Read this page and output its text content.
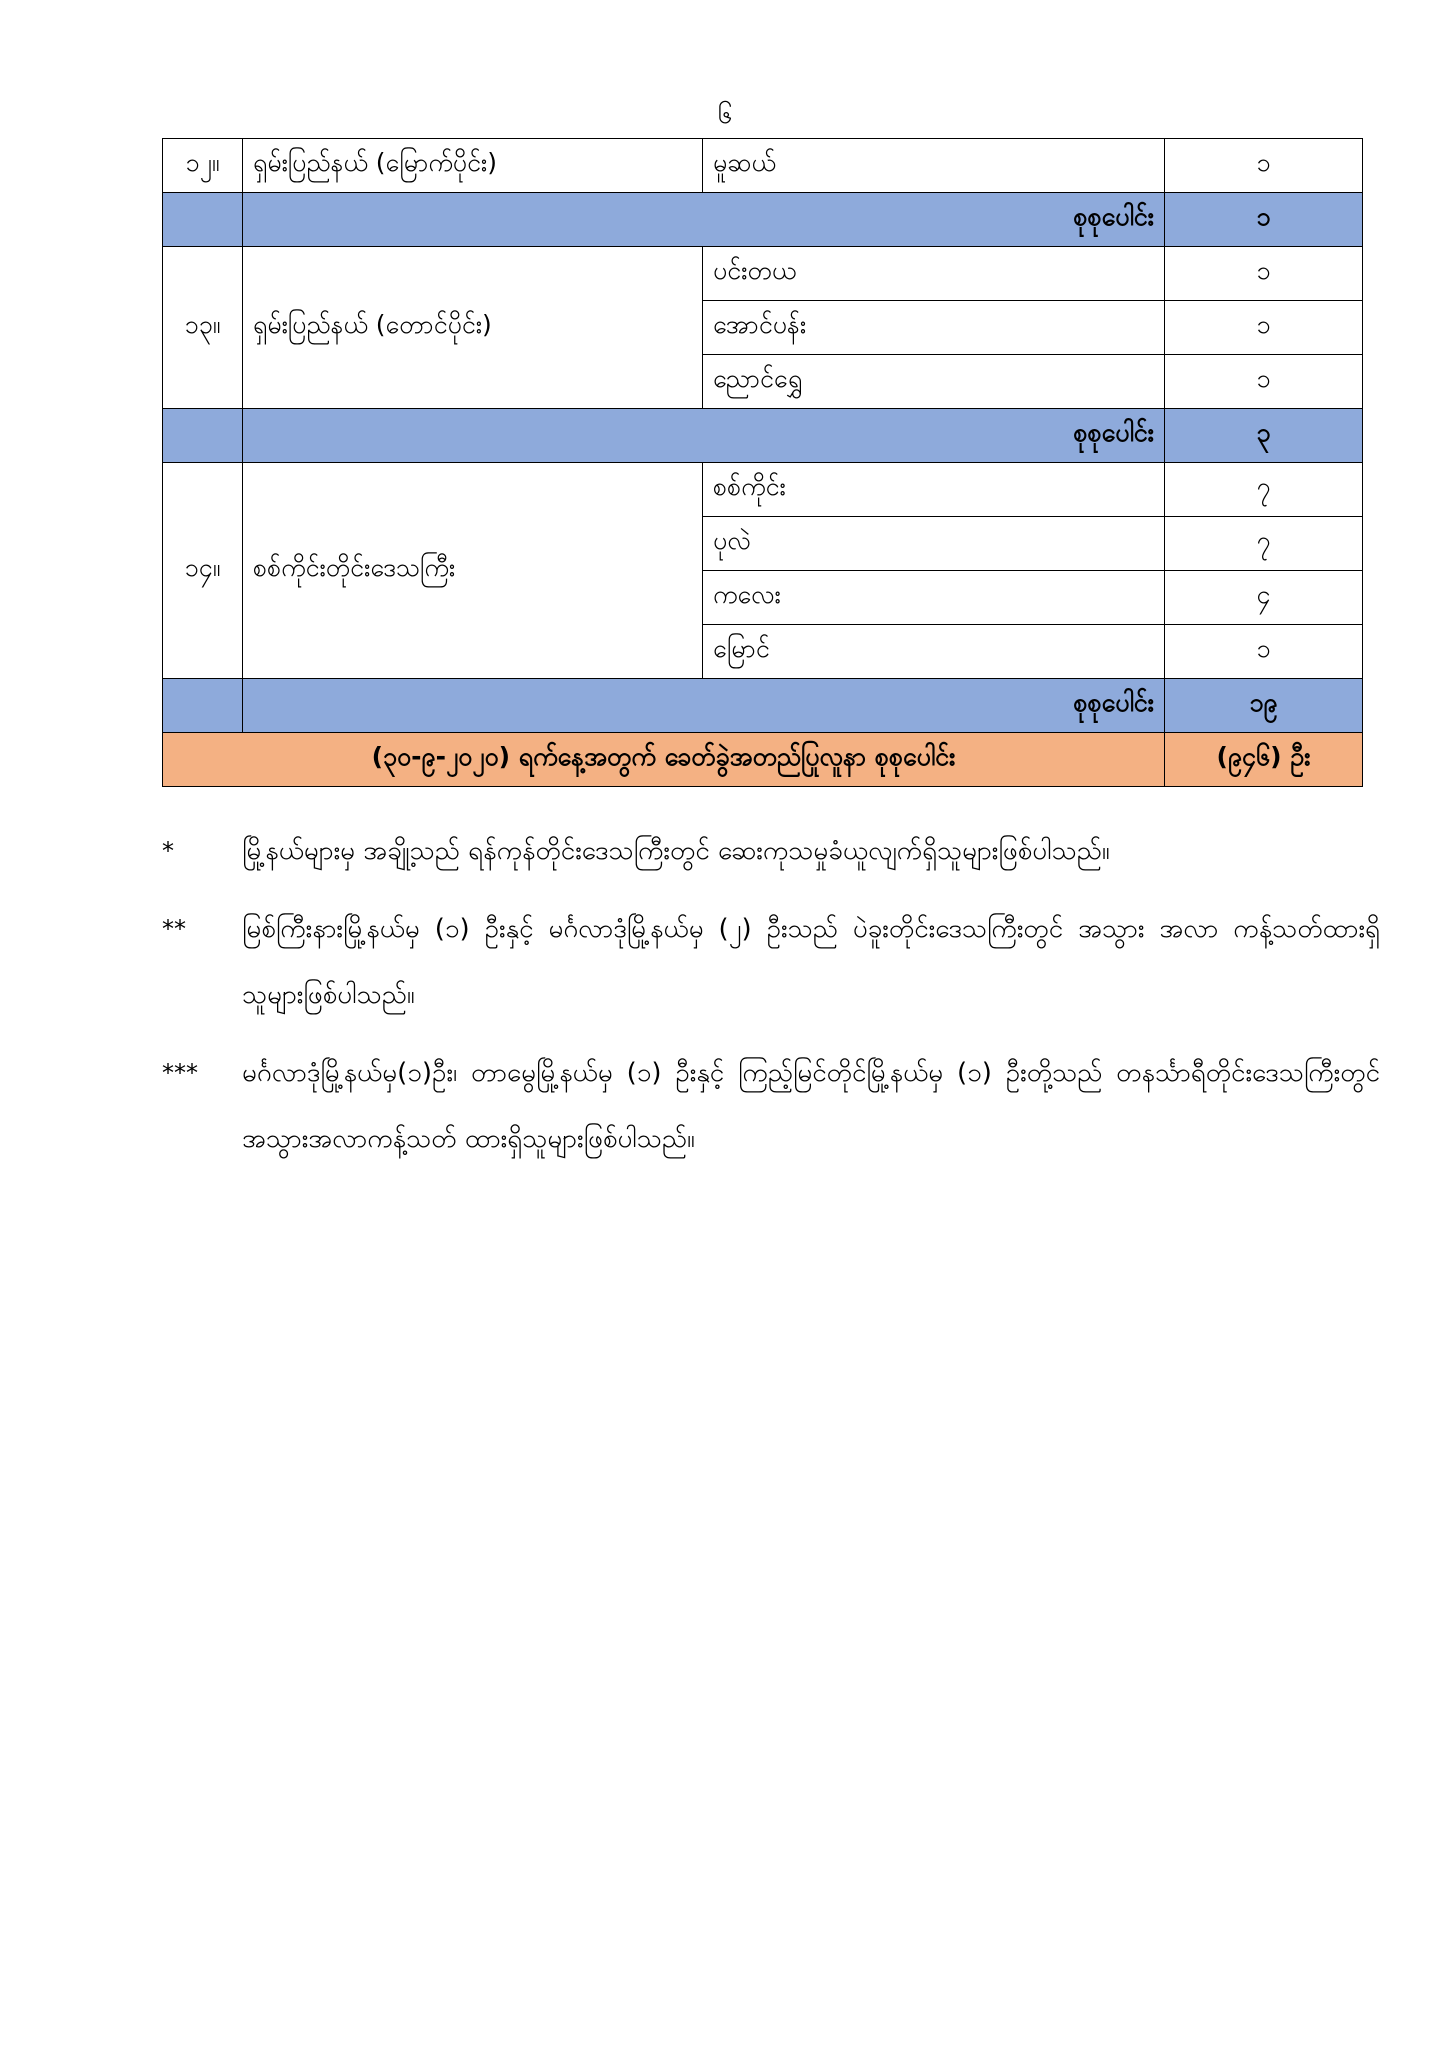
၆
၁၂။	ရှမ်းပြည်နယ် (မြောက်ပိုင်း)	မူဆယ်	၁
	စုစုပေါင်း		၁
၁၃။	ရှမ်းပြည်နယ် (တောင်ပိုင်း)	ပင်းတယ	၁
		အောင်ပန်း	၁
		ညောင်ရွှေ	၁
	စုစုပေါင်း		၃
၁၄။	စစ်ကိုင်းတိုင်းဒေသကြီး	စစ်ကိုင်း	၇
		ပုလဲ	၇
		ကလေး	၄
		မြောင်	၁
	စုစုပေါင်း		၁၉
(၃၀-၉-၂၀၂၀) ရက်နေ့အတွက် ခေတ်ခွဲအတည်ပြုလူနာ စုစုပေါင်း			(၉၄၆) ဦး
*	မြို့နယ်များမှ အချို့သည် ရန်ကုန်တိုင်းဒေသကြီးတွင် ဆေးကုသမှုခံယူလျက်ရှိသူများဖြစ်ပါသည်။
**	မြစ်ကြီးနားမြို့နယ်မှ (၁) ဦးနှင့် မင်္ဂလာဒုံမြို့နယ်မှ (၂) ဦးသည် ပဲခူးတိုင်းဒေသကြီးတွင် အသွား အလာ ကန့်သတ်ထားရှိသူများဖြစ်ပါသည်။
***	မင်္ဂလာဒုံမြို့နယ်မှ(၁)ဦး၊ တာမွေမြို့နယ်မှ (၁) ဦးနှင့် ကြည့်မြင်တိုင်မြို့နယ်မှ (၁) ဦးတို့သည် တနင်္သာရီတိုင်းဒေသကြီးတွင် အသွားအလာကန့်သတ် ထားရှိသူများဖြစ်ပါသည်။
